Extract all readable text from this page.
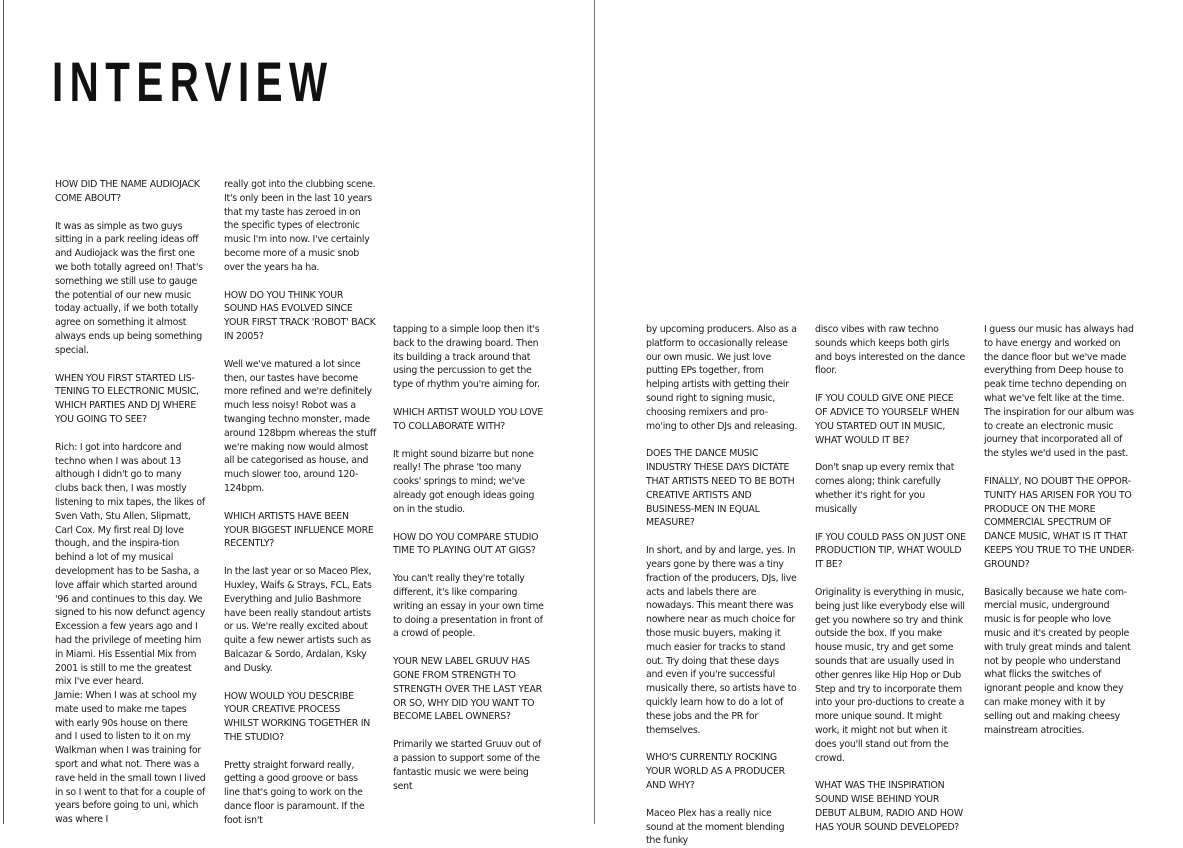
INTERVIEW

HOW DID THE NAME AUDIOJACK COME ABOUT?

It was as simple as two guys sitting in a park reeling ideas off and Audiojack was the first one we both totally agreed on! That's something we still use to gauge the potential of our new music today actually, if we both totally agree on something it almost always ends up being something special.

WHEN YOU FIRST STARTED LIS-TENING TO ELECTRONIC MUSIC, WHICH PARTIES AND DJ WHERE YOU GOING TO SEE?

Rich: I got into hardcore and techno when I was about 13 although I didn't go to many clubs back then, I was mostly listening to mix tapes, the likes of Sven Vath, Stu Allen, Slipmatt, Carl Cox. My first real DJ love though, and the inspira-tion behind a lot of my musical development has to be Sasha, a love affair which started around '96 and continues to this day. We signed to his now defunct agency Excession a few years ago and I had the privilege of meeting him in Miami. His Essential Mix from 2001 is still to me the greatest mix I've ever heard.

Jamie: When I was at school my mate used to make me tapes with early 90s house on there and I used to listen to it on my Walkman when I was training for sport and what not. There was a rave held in the small town I lived in so I went to that for a couple of years before going to uni, which was where I

really got into the clubbing scene. It's only been in the last 10 years that my taste has zeroed in on the specific types of electronic music I'm into now. I've certainly become more of a music snob over the years ha ha.

HOW DO YOU THINK YOUR SOUND HAS EVOLVED SINCE YOUR FIRST TRACK 'ROBOT' BACK IN 2005?

Well we've matured a lot since then, our tastes have become more refined and we're definitely much less noisy! Robot was a twanging techno monster, made around 128bpm whereas the stuff we're making now would almost all be categorised as house, and much slower too, around 120-124bpm.

WHICH ARTISTS HAVE BEEN YOUR BIGGEST INFLUENCE MORE RECENTLY?

In the last year or so Maceo Plex, Huxley, Waifs & Strays, FCL, Eats Everything and Julio Bashmore have been really standout artists or us. We're really excited about quite a few newer artists such as Balcazar & Sordo, Ardalan, Ksky and Dusky.

HOW WOULD YOU DESCRIBE YOUR CREATIVE PROCESS WHILST WORKING TOGETHER IN THE STUDIO?

Pretty straight forward really, getting a good groove or bass line that's going to work on the dance floor is paramount. If the foot isn't

tapping to a simple loop then it's back to the drawing board. Then its building a track around that using the percussion to get the type of rhythm you're aiming for.

WHICH ARTIST WOULD YOU LOVE TO COLLABORATE WITH?

It might sound bizarre but none really! The phrase 'too many cooks' springs to mind; we've already got enough ideas going on in the studio.

HOW DO YOU COMPARE STUDIO TIME TO PLAYING OUT AT GIGS?

You can't really they're totally different, it's like comparing writing an essay in your own time to doing a presentation in front of a crowd of people.

YOUR NEW LABEL GRUUV HAS GONE FROM STRENGTH TO STRENGTH OVER THE LAST YEAR OR SO, WHY DID YOU WANT TO BECOME LABEL OWNERS?

Primarily we started Gruuv out of a passion to support some of the fantastic music we were being sent

by upcoming producers. Also as a platform to occasionally release our own music. We just love putting EPs together, from helping artists with getting their sound right to signing music, choosing remixers and pro-mo'ing to other DJs and releasing.

DOES THE DANCE MUSIC INDUSTRY THESE DAYS DICTATE THAT ARTISTS NEED TO BE BOTH CREATIVE ARTISTS AND BUSINESS-MEN IN EQUAL MEASURE?

In short, and by and large, yes. In years gone by there was a tiny fraction of the producers, DJs, live acts and labels there are nowadays. This meant there was nowhere near as much choice for those music buyers, making it much easier for tracks to stand out. Try doing that these days and even if you're successful musically there, so artists have to quickly learn how to do a lot of these jobs and the PR for themselves.

WHO'S CURRENTLY ROCKING YOUR WORLD AS A PRODUCER AND WHY?

Maceo Plex has a really nice sound at the moment blending the funky

disco vibes with raw techno sounds which keeps both girls and boys interested on the dance floor.

IF YOU COULD GIVE ONE PIECE OF ADVICE TO YOURSELF WHEN YOU STARTED OUT IN MUSIC, WHAT WOULD IT BE?

Don't snap up every remix that comes along; think carefully whether it's right for you musically

IF YOU COULD PASS ON JUST ONE PRODUCTION TIP, WHAT WOULD IT BE?

Originality is everything in music, being just like everybody else will get you nowhere so try and think outside the box. If you make house music, try and get some sounds that are usually used in other genres like Hip Hop or Dub Step and try to incorporate them into your pro-ductions to create a more unique sound. It might work, it might not but when it does you'll stand out from the crowd.

WHAT WAS THE INSPIRATION SOUND WISE BEHIND YOUR DEBUT ALBUM, RADIO AND HOW HAS YOUR SOUND DEVELOPED?

I guess our music has always had to have energy and worked on the dance floor but we've made everything from Deep house to peak time techno depending on what we've felt like at the time. The inspiration for our album was to create an electronic music journey that incorporated all of the styles we'd used in the past.

FINALLY, NO DOUBT THE OPPOR-TUNITY HAS ARISEN FOR YOU TO PRODUCE ON THE MORE COMMERCIAL SPECTRUM OF DANCE MUSIC, WHAT IS IT THAT KEEPS YOU TRUE TO THE UNDER-GROUND?

Basically because we hate com-mercial music, underground music is for people who love music and it's created by people with truly great minds and talent not by people who understand what flicks the switches of ignorant people and know they can make money with it by selling out and making cheesy mainstream atrocities.
